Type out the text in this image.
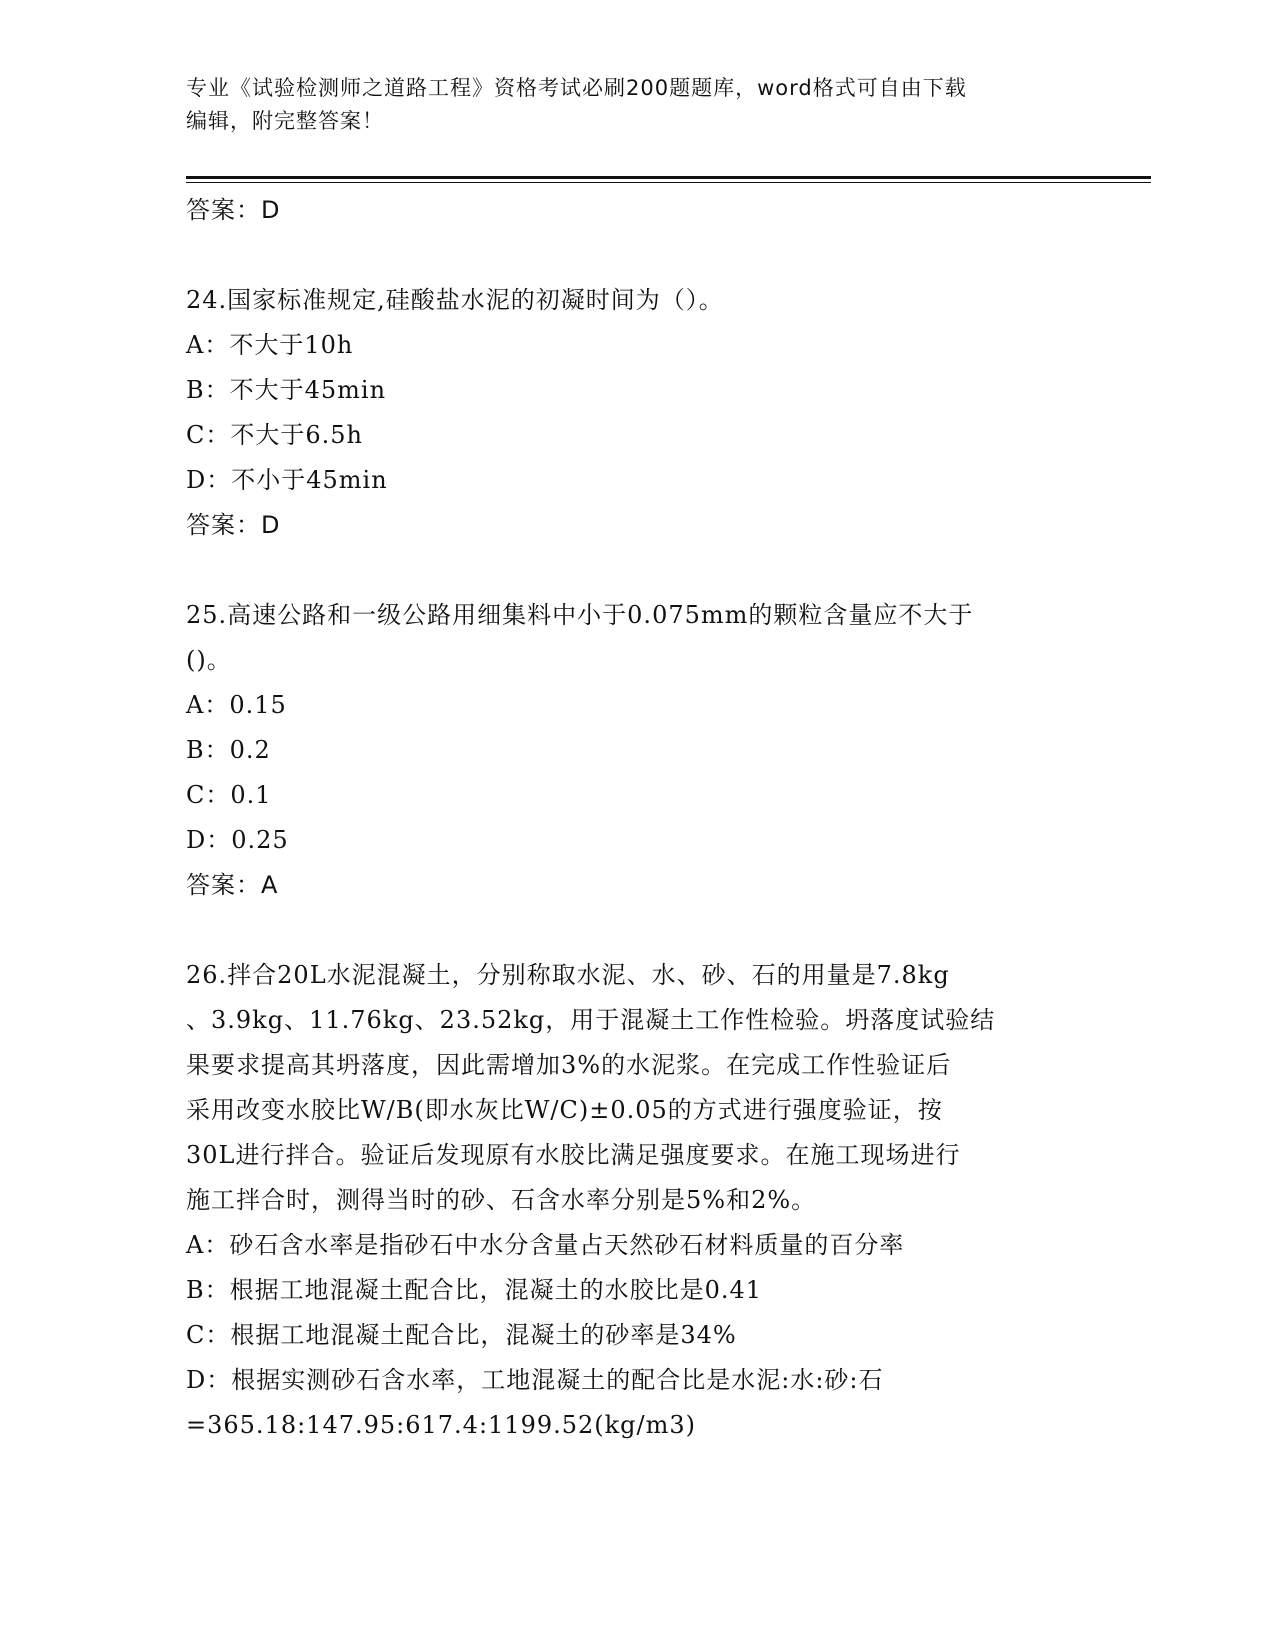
专业《试验检测师之道路工程》资格考试必刷200题题库，word格式可自由下载
编辑，附完整答案！
答案：D
24.国家标准规定,硅酸盐水泥的初凝时间为（）。
A：不大于10h
B：不大于45min
C：不大于6.5h
D：不小于45min
答案：D
25.高速公路和一级公路用细集料中小于0.075mm的颗粒含量应不大于
()。
A：0.15
B：0.2
C：0.1
D：0.25
答案：A
26.拌合20L水泥混凝土，分别称取水泥、水、砂、石的用量是7.8kg
、3.9kg、11.76kg、23.52kg，用于混凝土工作性检验。坍落度试验结
果要求提高其坍落度，因此需增加3%的水泥浆。在完成工作性验证后
采用改变水胶比W/B(即水灰比W/C)±0.05的方式进行强度验证，按
30L进行拌合。验证后发现原有水胶比满足强度要求。在施工现场进行
施工拌合时，测得当时的砂、石含水率分别是5%和2%。
A：砂石含水率是指砂石中水分含量占天然砂石材料质量的百分率
B：根据工地混凝土配合比，混凝土的水胶比是0.41
C：根据工地混凝土配合比，混凝土的砂率是34%
D：根据实测砂石含水率，工地混凝土的配合比是水泥:水:砂:石
=365.18:147.95:617.4:1199.52(kg/m3)
